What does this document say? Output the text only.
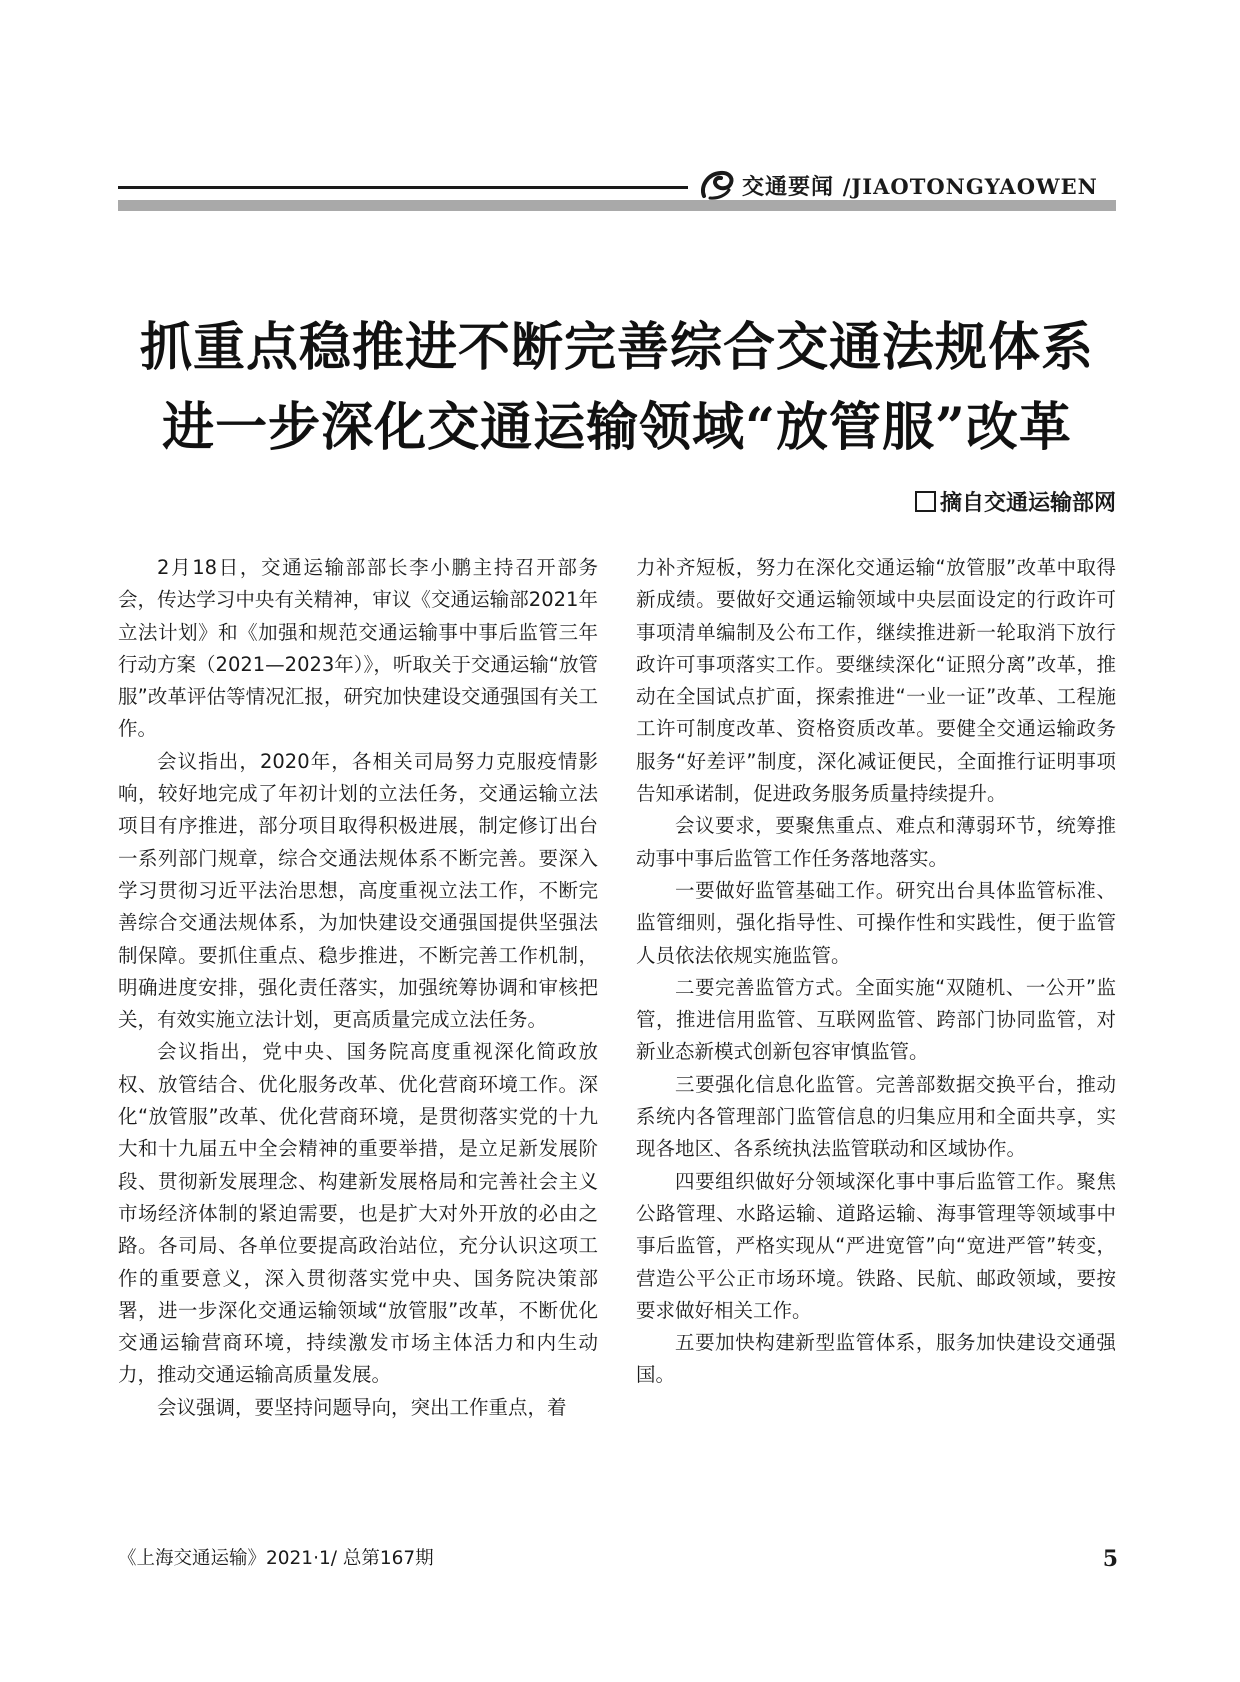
交通要闻 /JIAOTONGYAOWEN
抓重点稳推进不断完善综合交通法规体系
进一步深化交通运输领域“放管服”改革
摘自交通运输部网

2月18日，交通运输部部长李小鹏主持召开部务会，传达学习中央有关精神，审议《交通运输部2021年立法计划》和《加强和规范交通运输事中事后监管三年行动方案（2021—2023年）》，听取关于交通运输“放管服”改革评估等情况汇报，研究加快建设交通强国有关工作。

会议指出，2020年，各相关司局努力克服疫情影响，较好地完成了年初计划的立法任务，交通运输立法项目有序推进，部分项目取得积极进展，制定修订出台一系列部门规章，综合交通法规体系不断完善。要深入学习贯彻习近平法治思想，高度重视立法工作，不断完善综合交通法规体系，为加快建设交通强国提供坚强法制保障。要抓住重点、稳步推进，不断完善工作机制，明确进度安排，强化责任落实，加强统筹协调和审核把关，有效实施立法计划，更高质量完成立法任务。

会议指出，党中央、国务院高度重视深化简政放权、放管结合、优化服务改革、优化营商环境工作。深化“放管服”改革、优化营商环境，是贯彻落实党的十九大和十九届五中全会精神的重要举措，是立足新发展阶段、贯彻新发展理念、构建新发展格局和完善社会主义市场经济体制的紧迫需要，也是扩大对外开放的必由之路。各司局、各单位要提高政治站位，充分认识这项工作的重要意义，深入贯彻落实党中央、国务院决策部署，进一步深化交通运输领域“放管服”改革，不断优化交通运输营商环境，持续激发市场主体活力和内生动力，推动交通运输高质量发展。

会议强调，要坚持问题导向，突出工作重点，着

力补齐短板，努力在深化交通运输“放管服”改革中取得新成绩。要做好交通运输领域中央层面设定的行政许可事项清单编制及公布工作，继续推进新一轮取消下放行政许可事项落实工作。要继续深化“证照分离”改革，推动在全国试点扩面，探索推进“一业一证”改革、工程施工许可制度改革、资格资质改革。要健全交通运输政务服务“好差评”制度，深化减证便民，全面推行证明事项告知承诺制，促进政务服务质量持续提升。

会议要求，要聚焦重点、难点和薄弱环节，统筹推动事中事后监管工作任务落地落实。

一要做好监管基础工作。研究出台具体监管标准、监管细则，强化指导性、可操作性和实践性，便于监管人员依法依规实施监管。

二要完善监管方式。全面实施“双随机、一公开”监管，推进信用监管、互联网监管、跨部门协同监管，对新业态新模式创新包容审慎监管。

三要强化信息化监管。完善部数据交换平台，推动系统内各管理部门监管信息的归集应用和全面共享，实现各地区、各系统执法监管联动和区域协作。

四要组织做好分领域深化事中事后监管工作。聚焦公路管理、水路运输、道路运输、海事管理等领域事中事后监管，严格实现从“严进宽管”向“宽进严管”转变，营造公平公正市场环境。铁路、民航、邮政领域，要按要求做好相关工作。

五要加快构建新型监管体系，服务加快建设交通强国。

《上海交通运输》2021·1/ 总第167期	5
